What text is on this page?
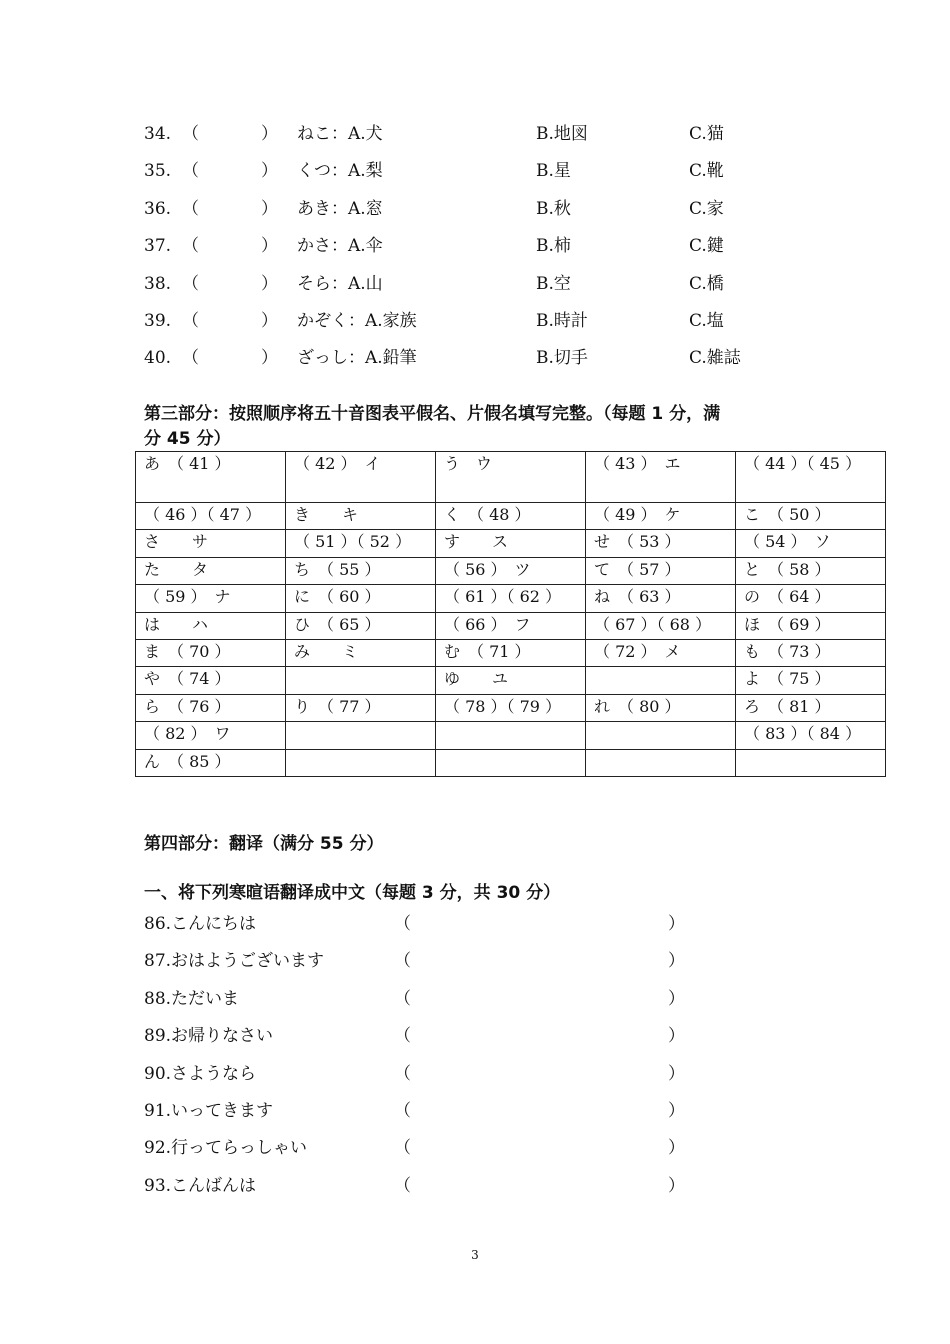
34. （	） ねこ：A.犬	B.地図	C.猫
35. （	） くつ：A.梨	B.星	C.靴
36. （	） あき：A.窓	B.秋	C.家
37. （	） かさ：A.伞	B.柿	C.鍵
38. （	） そら：A.山	B.空	C.橋
39. （	） かぞく：A.家族	B.時計	C.塩
40. （	） ざっし：A.鉛筆	B.切手	C.雑誌
第三部分：按照顺序将五十音图表平假名、片假名填写完整。（每题 1 分，满
分 45 分）
あ　（ 41 ）	（ 42 ）　イ	う　ウ	（ 43 ）　エ	（ 44 ）（ 45 ）
（ 46 ）（ 47 ）	き　　キ	く　（ 48 ）	（ 49 ）　ケ	こ　（ 50 ）
さ　　サ	（ 51 ）（ 52 ）	す　　ス	せ　（ 53 ）	（ 54 ）　ソ
た　　タ	ち　（ 55 ）	（ 56 ）　ツ	て　（ 57 ）	と　（ 58 ）
（ 59 ）　ナ	に　（ 60 ）	（ 61 ）（ 62 ）	ね　（ 63 ）	の　（ 64 ）
は　　ハ	ひ　（ 65 ）	（ 66 ）　フ	（ 67 ）（ 68 ）	ほ　（ 69 ）
ま　（ 70 ）	み　　ミ	む　（ 71 ）	（ 72 ）　メ	も　（ 73 ）
や　（ 74 ）		ゆ　　ユ		よ　（ 75 ）
ら　（ 76 ）	り　（ 77 ）	（ 78 ）（ 79 ）	れ　（ 80 ）	ろ　（ 81 ）
（ 82 ）　ワ				（ 83 ）（ 84 ）
ん　（ 85 ）				
第四部分：翻译（满分 55 分）
一、将下列寒暄语翻译成中文（每题 3 分，共 30 分）
86.こんにちは	（	）
87.おはようございます	（	）
88.ただいま	（	）
89.お帰りなさい	（	）
90.さようなら	（	）
91.いってきます	（	）
92.行ってらっしゃい	（	）
93.こんばんは	（	）
3
